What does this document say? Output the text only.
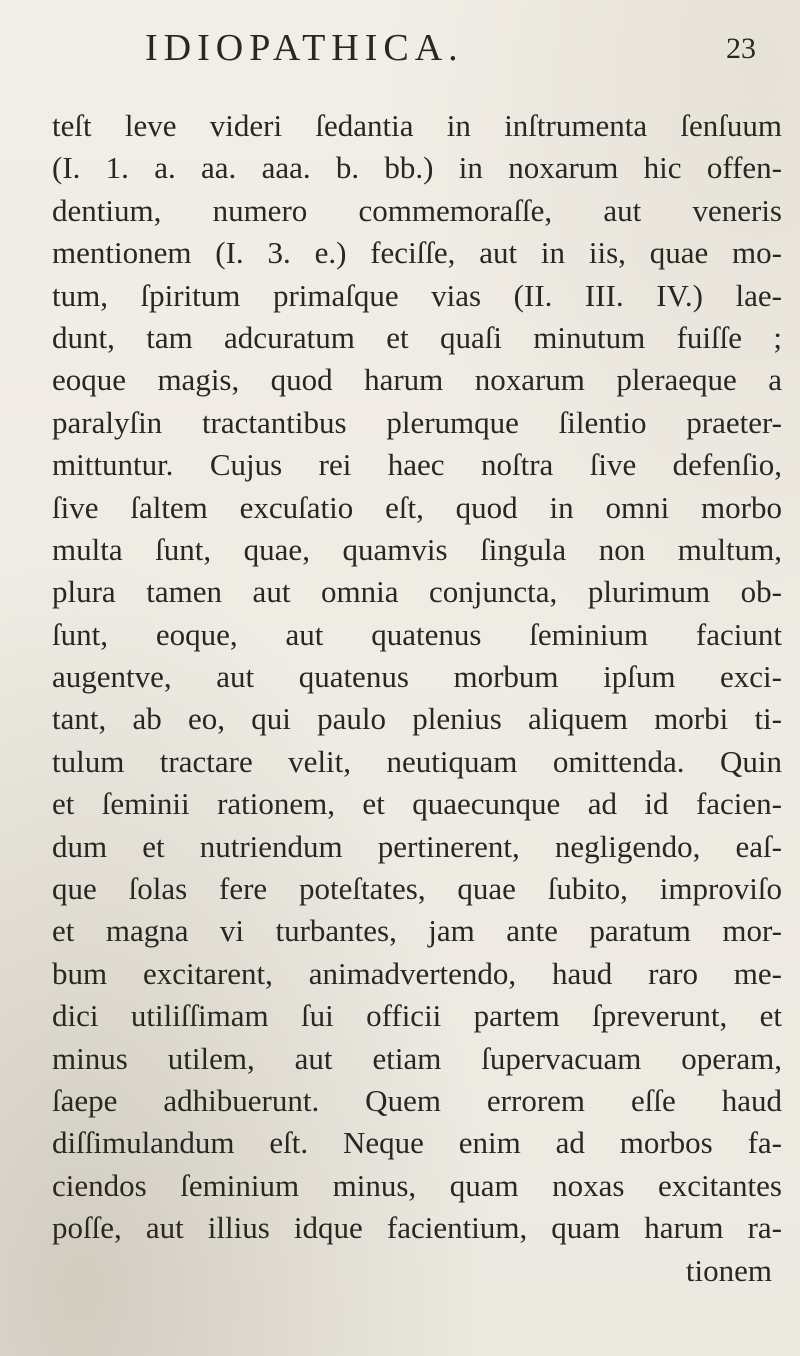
IDIOPATHICA.	23
teſt leve videri ſedantia in inſtrumenta ſenſuum
(I. 1. a. aa. aaa. b. bb.) in noxarum hic offen-
dentium, numero commemoraſſe, aut veneris
mentionem (I. 3. e.) feciſſe, aut in iis, quae mo-
tum, ſpiritum primaſque vias (II. III. IV.) lae-
dunt, tam adcuratum et quaſi minutum fuiſſe ;
eoque magis, quod harum noxarum pleraeque a
paralyſin tractantibus plerumque ſilentio praeter-
mittuntur. Cujus rei haec noſtra ſive defenſio,
ſive ſaltem excuſatio eſt, quod in omni morbo
multa ſunt, quae, quamvis ſingula non multum,
plura tamen aut omnia conjuncta, plurimum ob-
ſunt, eoque, aut quatenus ſeminium faciunt
augentve, aut quatenus morbum ipſum exci-
tant, ab eo, qui paulo plenius aliquem morbi ti-
tulum tractare velit, neutiquam omittenda. Quin
et ſeminii rationem, et quaecunque ad id facien-
dum et nutriendum pertinerent, negligendo, eaſ-
que ſolas fere poteſtates, quae ſubito, improviſo
et magna vi turbantes, jam ante paratum mor-
bum excitarent, animadvertendo, haud raro me-
dici utiliſſimam ſui officii partem ſpreverunt, et
minus utilem, aut etiam ſupervacuam operam,
ſaepe adhibuerunt. Quem errorem eſſe haud
diſſimulandum eſt. Neque enim ad morbos fa-
ciendos ſeminium minus, quam noxas excitantes
poſſe, aut illius idque facientium, quam harum ra-
tionem
